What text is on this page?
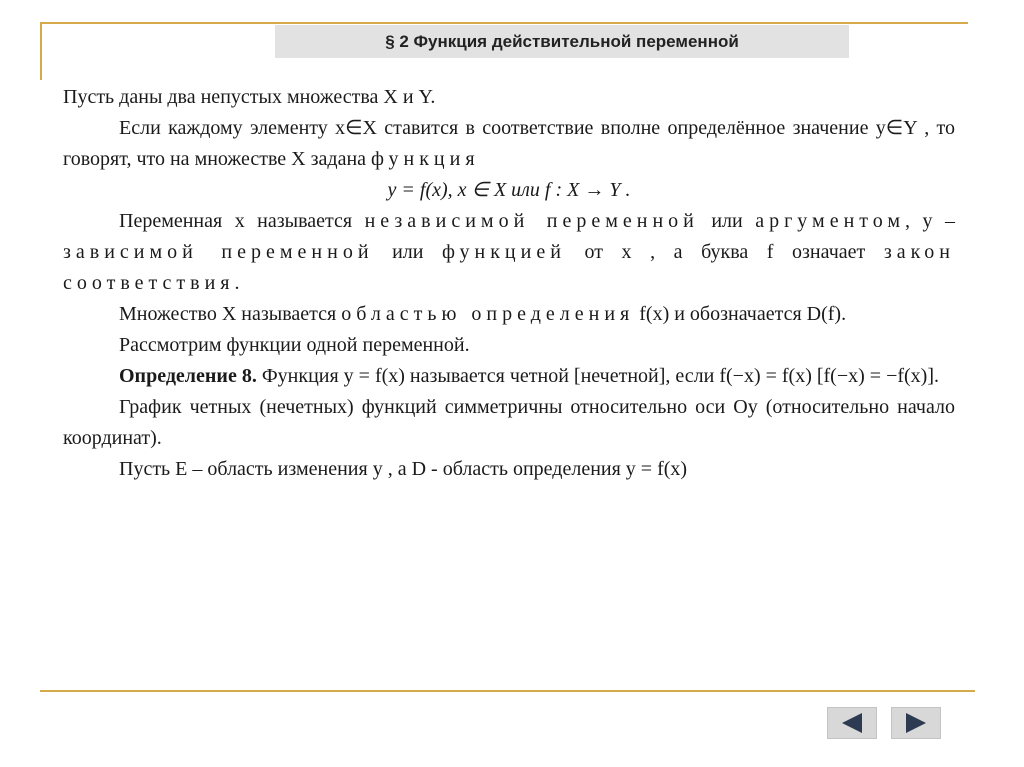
§ 2 Функция действительной переменной

Пусть даны два непустых множества X и Y.

Если каждому элементу x∈X ставится в соответствие вполне определённое значение y∈Y , то говорят, что на множестве X задана функция

y = f(x), x ∈ X или f : X → Y .

Переменная x называется независимой переменной или аргументом, y – зависимой переменной или функцией от x , а буква f означает закон соответствия.

Множество X называется областью определения f(x) и обозначается D(f).

Рассмотрим функции одной переменной.

Определение 8. Функция y = f(x) называется четной [нечетной], если f(−x) = f(x) [f(−x) = −f(x)].

График четных (нечетных) функций симметричны относительно оси Oy (относительно начало координат).

Пусть E – область изменения y , а D - область определения y = f(x)
